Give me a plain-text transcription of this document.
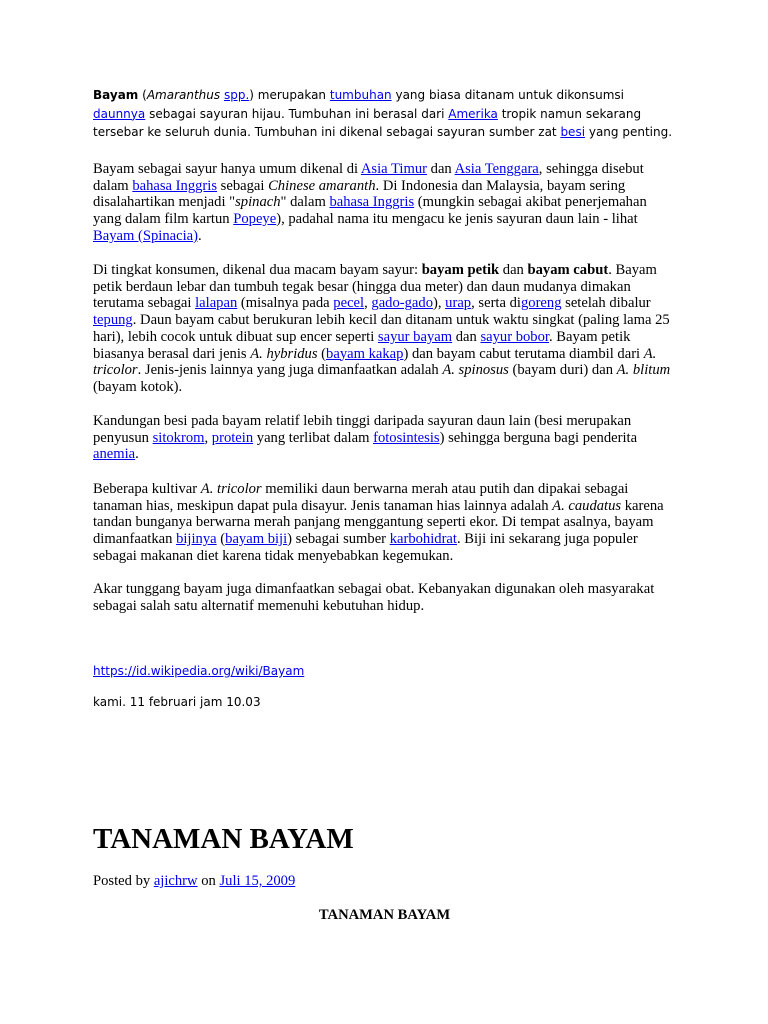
Bayam (Amaranthus spp.) merupakan tumbuhan yang biasa ditanam untuk dikonsumsi daunnya sebagai sayuran hijau. Tumbuhan ini berasal dari Amerika tropik namun sekarang tersebar ke seluruh dunia. Tumbuhan ini dikenal sebagai sayuran sumber zat besi yang penting.

Bayam sebagai sayur hanya umum dikenal di Asia Timur dan Asia Tenggara, sehingga disebut dalam bahasa Inggris sebagai Chinese amaranth. Di Indonesia dan Malaysia, bayam sering disalahartikan menjadi "spinach" dalam bahasa Inggris (mungkin sebagai akibat penerjemahan yang dalam film kartun Popeye), padahal nama itu mengacu ke jenis sayuran daun lain - lihat Bayam (Spinacia).

Di tingkat konsumen, dikenal dua macam bayam sayur: bayam petik dan bayam cabut. Bayam petik berdaun lebar dan tumbuh tegak besar (hingga dua meter) dan daun mudanya dimakan terutama sebagai lalapan (misalnya pada pecel, gado-gado), urap, serta digoreng setelah dibalur tepung. Daun bayam cabut berukuran lebih kecil dan ditanam untuk waktu singkat (paling lama 25 hari), lebih cocok untuk dibuat sup encer seperti sayur bayam dan sayur bobor. Bayam petik biasanya berasal dari jenis A. hybridus (bayam kakap) dan bayam cabut terutama diambil dari A. tricolor. Jenis-jenis lainnya yang juga dimanfaatkan adalah A. spinosus (bayam duri) dan A. blitum (bayam kotok).

Kandungan besi pada bayam relatif lebih tinggi daripada sayuran daun lain (besi merupakan penyusun sitokrom, protein yang terlibat dalam fotosintesis) sehingga berguna bagi penderita anemia.

Beberapa kultivar A. tricolor memiliki daun berwarna merah atau putih dan dipakai sebagai tanaman hias, meskipun dapat pula disayur. Jenis tanaman hias lainnya adalah A. caudatus karena tandan bunganya berwarna merah panjang menggantung seperti ekor. Di tempat asalnya, bayam dimanfaatkan bijinya (bayam biji) sebagai sumber karbohidrat. Biji ini sekarang juga populer sebagai makanan diet karena tidak menyebabkan kegemukan.

Akar tunggang bayam juga dimanfaatkan sebagai obat. Kebanyakan digunakan oleh masyarakat sebagai salah satu alternatif memenuhi kebutuhan hidup.

https://id.wikipedia.org/wiki/Bayam

kami. 11 februari jam 10.03

TANAMAN BAYAM

Posted by ajichrw on Juli 15, 2009

TANAMAN BAYAM
